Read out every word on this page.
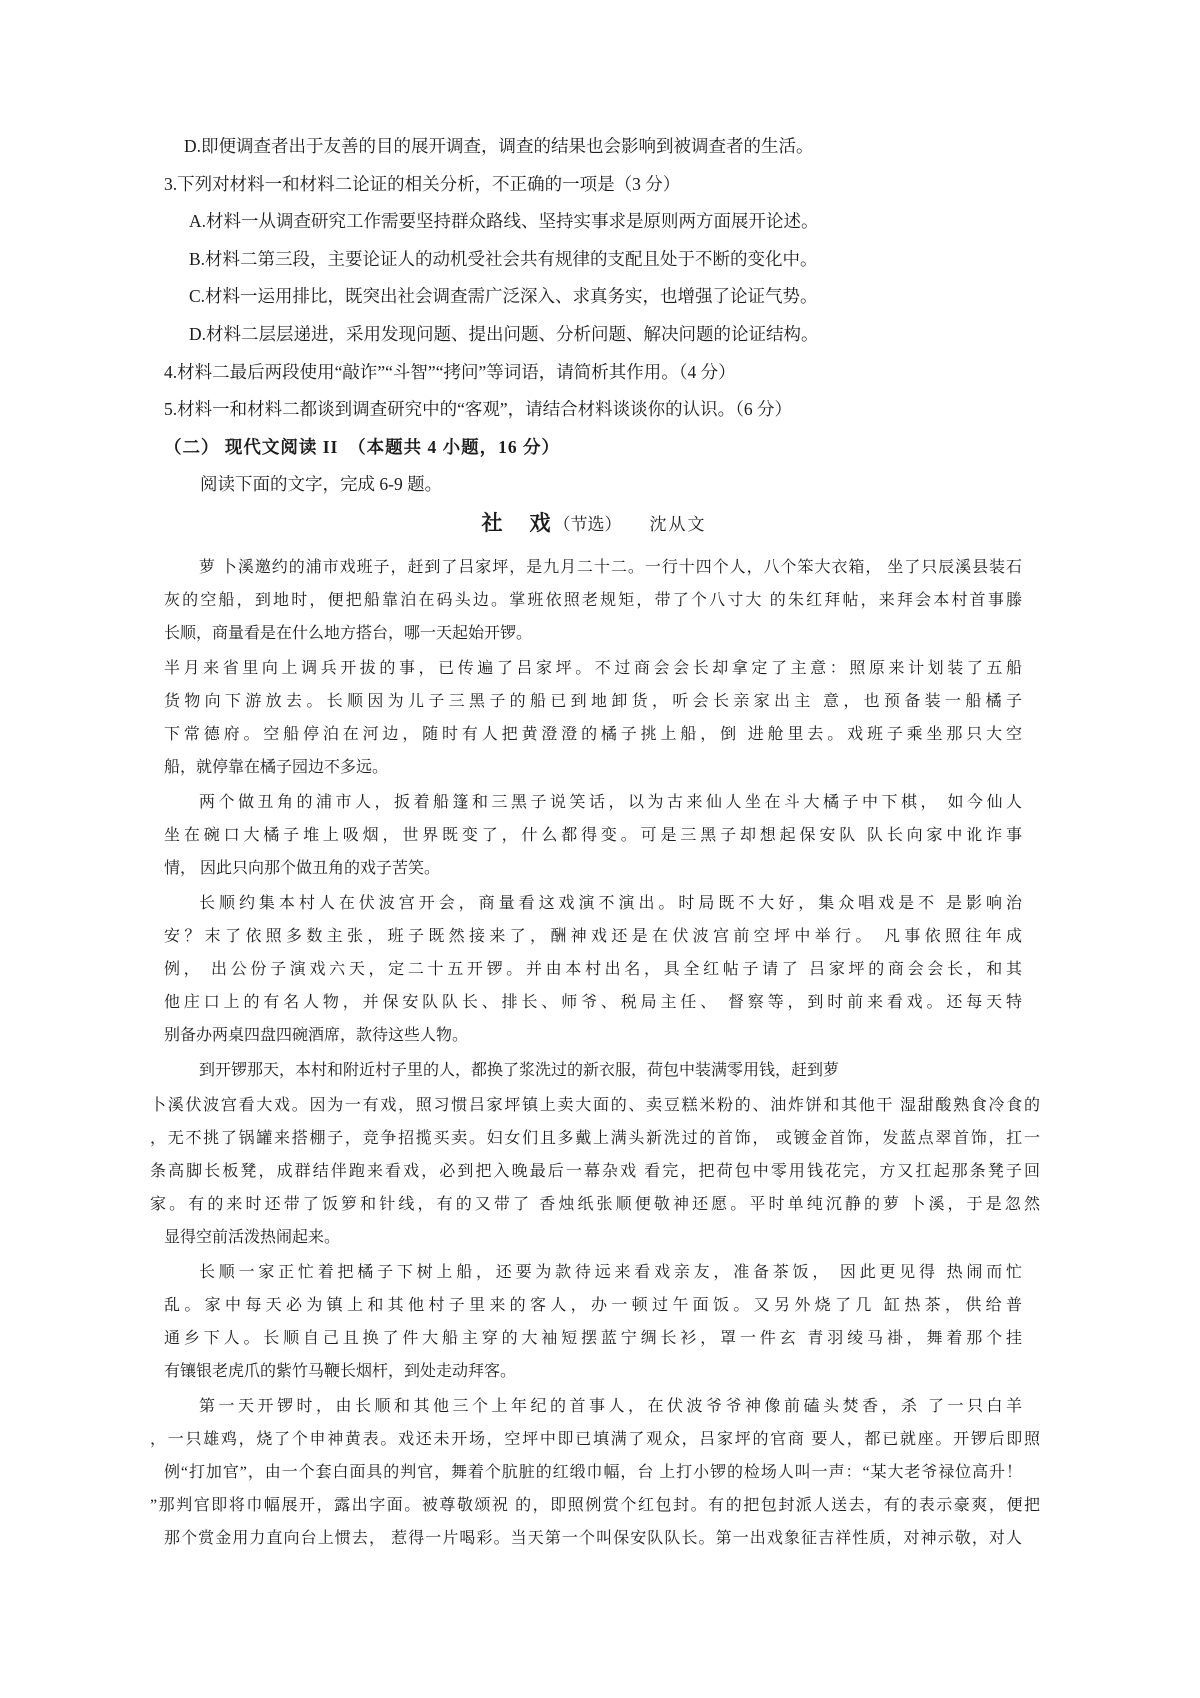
D.即便调查者出于友善的目的展开调查，调查的结果也会影响到被调查者的生活。
3.下列对材料一和材料二论证的相关分析，不正确的一项是（3 分）
A.材料一从调查研究工作需要坚持群众路线、坚持实事求是原则两方面展开论述。
B.材料二第三段，主要论证人的动机受社会共有规律的支配且处于不断的变化中。
C.材料一运用排比，既突出社会调查需广泛深入、求真务实，也增强了论证气势。
D.材料二层层递进，采用发现问题、提出问题、分析问题、解决问题的论证结构。
4.材料二最后两段使用“敲诈”“斗智”“拷问”等词语，请简析其作用。（4 分）
5.材料一和材料二都谈到调查研究中的“客观”，请结合材料谈谈你的认识。（6 分）
（二） 现代文阅读 II　（本题共 4 小题，16 分）
阅读下面的文字，完成 6-9 题。
社　戏（节选） 沈从文
萝 卜溪邀约的浦市戏班子，赶到了吕家坪，是九月二十二。一行十四个人，八个笨大衣箱， 坐了只辰溪县装石
灰的空船，到地时，便把船靠泊在码头边。掌班依照老规矩，带了个八寸大 的朱红拜帖，来拜会本村首事滕
长顺，商量看是在什么地方搭台，哪一天起始开锣。
半月来省里向上调兵开拔的事，已传遍了吕家坪。不过商会会长却拿定了主意：照原来计划装了五船
货物向下游放去。长顺因为儿子三黑子的船已到地卸货，听会长亲家出主 意，也预备装一船橘子
下常德府。空船停泊在河边，随时有人把黄澄澄的橘子挑上船，倒 进舱里去。戏班子乘坐那只大空
船，就停靠在橘子园边不多远。
两个做丑角的浦市人，扳着船篷和三黑子说笑话，以为古来仙人坐在斗大橘子中下棋， 如今仙人
坐在碗口大橘子堆上吸烟，世界既变了，什么都得变。可是三黑子却想起保安队 队长向家中讹诈事
情， 因此只向那个做丑角的戏子苦笑。
长顺约集本村人在伏波宫开会，商量看这戏演不演出。时局既不大好，集众唱戏是不 是影响治
安？末了依照多数主张，班子既然接来了，酬神戏还是在伏波宫前空坪中举行。 凡事依照往年成
例， 出公份子演戏六天，定二十五开锣。并由本村出名，具全红帖子请了 吕家坪的商会会长，和其
他庄口上的有名人物，并保安队队长、排长、师爷、税局主任、 督察等，到时前来看戏。还每天特
别备办两桌四盘四碗酒席，款待这些人物。
到开锣那天，本村和附近村子里的人，都换了浆洗过的新衣服，荷包中装满零用钱，赶到萝
卜溪伏波宫看大戏。因为一有戏，照习惯吕家坪镇上卖大面的、卖豆糕米粉的、油炸饼和其他干 湿甜酸熟食冷食的
，无不挑了锅罐来搭棚子，竞争招揽买卖。妇女们且多戴上满头新洗过的首饰， 或镀金首饰，发蓝点翠首饰，扛一
条高脚长板凳，成群结伴跑来看戏，必到把入晚最后一幕杂戏 看完，把荷包中零用钱花完，方又扛起那条凳子回
家。有的来时还带了饭箩和针线，有的又带了 香烛纸张顺便敬神还愿。平时单纯沉静的萝 卜溪，于是忽然
显得空前活泼热闹起来。
长顺一家正忙着把橘子下树上船，还要为款待远来看戏亲友，准备茶饭， 因此更见得 热闹而忙
乱。家中每天必为镇上和其他村子里来的客人，办一顿过午面饭。又另外烧了几 缸热茶，供给普
通乡下人。长顺自己且换了件大船主穿的大袖短摆蓝宁绸长衫，罩一件玄 青羽绫马褂，舞着那个挂
有镶银老虎爪的紫竹马鞭长烟杆，到处走动拜客。
第一天开锣时，由长顺和其他三个上年纪的首事人，在伏波爷爷神像前磕头焚香，杀 了一只白羊
，一只雄鸡，烧了个申神黄表。戏还未开场，空坪中即已填满了观众，吕家坪的官商 要人，都已就座。开锣后即照
例“打加官”，由一个套白面具的判官，舞着个肮脏的红缎巾幅，台 上打小锣的检场人叫一声：“某大老爷禄位高升！
”那判官即将巾幅展开，露出字面。被尊敬颂祝 的，即照例赏个红包封。有的把包封派人送去，有的表示豪爽，便把
那个赏金用力直向台上惯去， 惹得一片喝彩。当天第一个叫保安队队长。第一出戏象征吉祥性质，对神示敬，对人
